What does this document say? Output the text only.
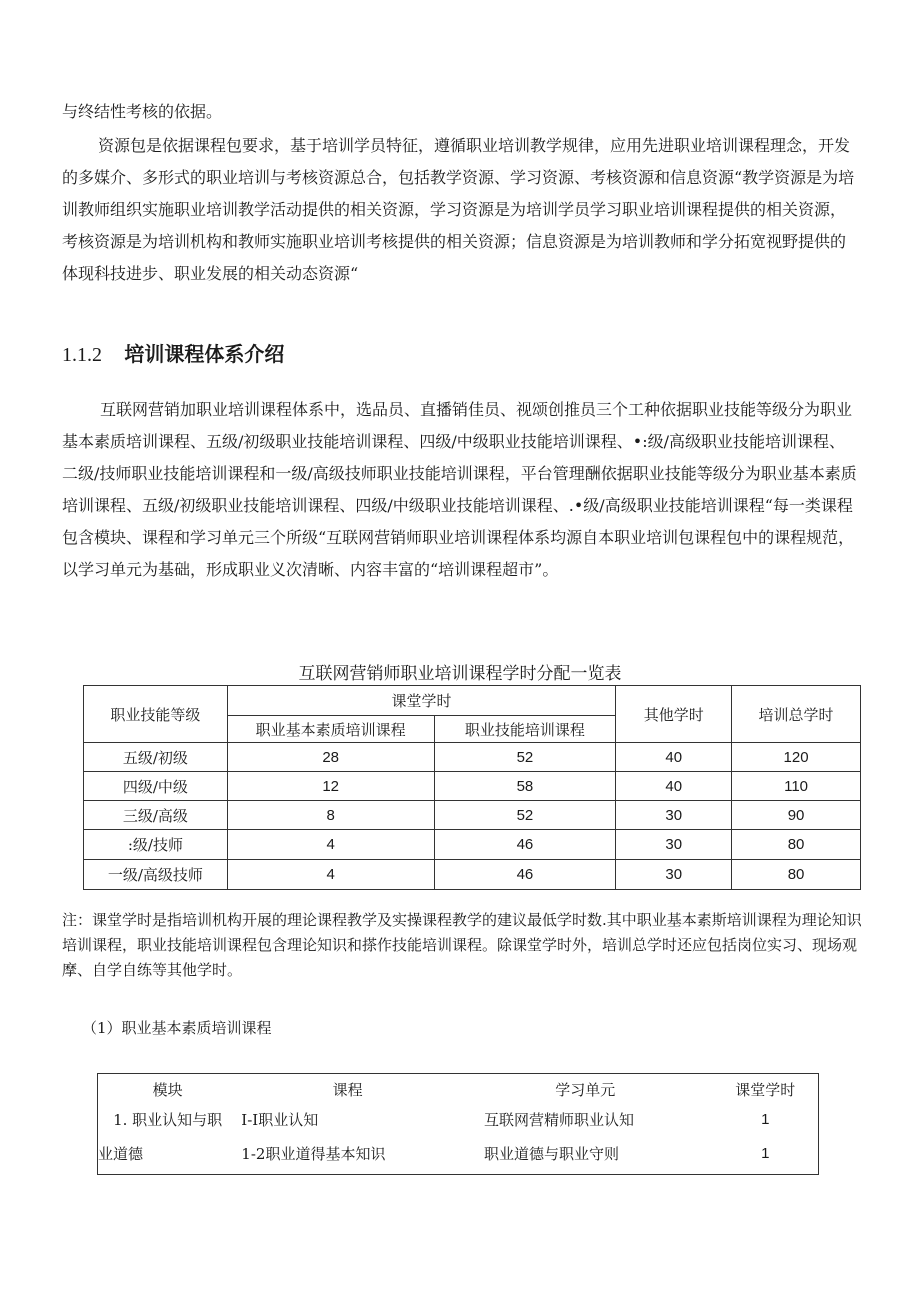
与终结性考核的依据。

资源包是依据课程包要求，基于培训学员特征，遵循职业培训教学规律，应用先进职业培训课程理念，开发的多媒介、多形式的职业培训与考核资源总合，包括教学资源、学习资源、考核资源和信息资源“教学资源是为培训教师组织实施职业培训教学活动提供的相关资源，学习资源是为培训学员学习职业培训课程提供的相关资源，考核资源是为培训机构和教师实施职业培训考核提供的相关资源；信息资源是为培训教师和学分拓宽视野提供的体现科技进步、职业发展的相关动态资源“

1.1.2 培训课程体系介绍

互联网营销加职业培训课程体系中，选品员、直播销佳员、视颂创推员三个工种依据职业技能等级分为职业基本素质培训课程、五级/初级职业技能培训课程、四级/中级职业技能培训课程、•:级/高级职业技能培训课程、二级/技师职业技能培训课程和一级/高级技师职业技能培训课程，平台管理酬依据职业技能等级分为职业基本素质培训课程、五级/初级职业技能培训课程、四级/中级职业技能培训课程、.•级/高级职业技能培训课程“每一类课程包含模块、课程和学习单元三个所级“互联网营销师职业培训课程体系均源自本职业培训包课程包中的课程规范，以学习单元为基础，形成职业义次清晰、内容丰富的“培训课程超市”。

互联网营销师职业培训课程学时分配一览表

职业技能等级	课堂学时		其他学时	培训总学时
	职业基本素质培训课程	职业技能培训课程		
五级/初级	28	52	40	120
四级/中级	12	58	40	110
三级/高级	8	52	30	90
:级/技师	4	46	30	80
一级/高级技师	4	46	30	80

注：课堂学时是指培训机构开展的理论课程教学及实操课程教学的建议最低学时数.其中职业基本素斯培训课程为理论知识培训课程，职业技能培训课程包含理论知识和搽作技能培训课程。除课堂学时外，培训总学时还应包括岗位实习、现场观摩、自学自练等其他学时。

（1）职业基本素质培训课程

模块	课程	学习单元	课堂学时
1. 职业认知与职	I-I职业认知	互联网营精师职业认知	1
业道德	1-2职业道得基本知识	职业道德与职业守则	1
